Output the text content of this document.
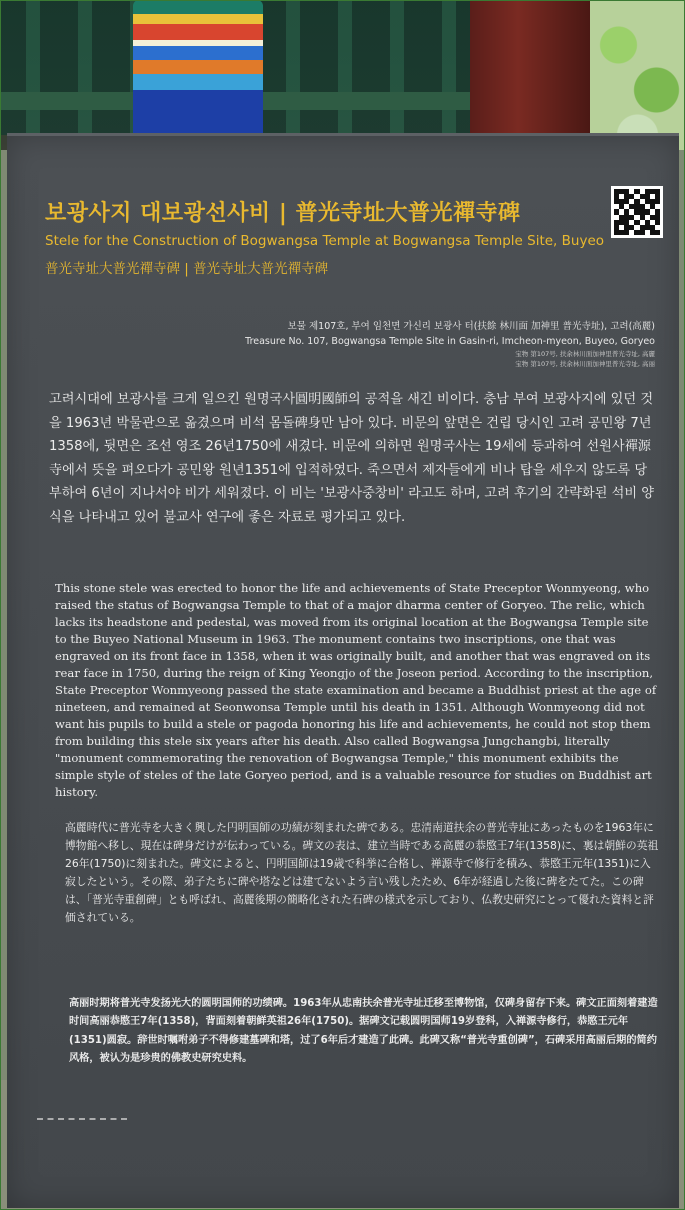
보광사지 대보광선사비 | 普光寺址大普光禪寺碑
Stele for the Construction of Bogwangsa Temple at Bogwangsa Temple Site, Buyeo
普光寺址大普光禪寺碑 | 普光寺址大普光禪寺碑
보물 제107호, 부여 임천면 가신리 보광사 터(扶餘 林川面 加神里 普光寺址), 고려(高麗)
Treasure No. 107, Bogwangsa Temple Site in Gasin-ri, Imcheon-myeon, Buyeo, Goryeo
宝物 第107号, 扶余林川面加神里普光寺址, 高麗
宝物 第107号, 扶余林川面加神里普光寺址, 高丽
고려시대에 보광사를 크게 일으킨 원명국사圓明國師의 공적을 새긴 비이다. 충남 부여 보광사지에 있던 것을 1963년 박물관으로 옮겼으며 비석 몸돌碑身만 남아 있다. 비문의 앞면은 건립 당시인 고려 공민왕 7년1358에, 뒷면은 조선 영조 26년1750에 새겼다. 비문에 의하면 원명국사는 19세에 등과하여 선원사禪源寺에서 뜻을 펴오다가 공민왕 원년1351에 입적하였다. 죽으면서 제자들에게 비나 탑을 세우지 않도록 당부하여 6년이 지나서야 비가 세워졌다. 이 비는 '보광사중창비' 라고도 하며, 고려 후기의 간략화된 석비 양식을 나타내고 있어 불교사 연구에 좋은 자료로 평가되고 있다.
This stone stele was erected to honor the life and achievements of State Preceptor Wonmyeong, who raised the status of Bogwangsa Temple to that of a major dharma center of Goryeo. The relic, which lacks its headstone and pedestal, was moved from its original location at the Bogwangsa Temple site to the Buyeo National Museum in 1963. The monument contains two inscriptions, one that was engraved on its front face in 1358, when it was originally built, and another that was engraved on its rear face in 1750, during the reign of King Yeongjo of the Joseon period. According to the inscription, State Preceptor Wonmyeong passed the state examination and became a Buddhist priest at the age of nineteen, and remained at Seonwonsa Temple until his death in 1351. Although Wonmyeong did not want his pupils to build a stele or pagoda honoring his life and achievements, he could not stop them from building this stele six years after his death. Also called Bogwangsa Jungchangbi, literally "monument commemorating the renovation of Bogwangsa Temple," this monument exhibits the simple style of steles of the late Goryeo period, and is a valuable resource for studies on Buddhist art history.
高麗時代に普光寺を大きく興した円明国師の功績が刻まれた碑である。忠清南道扶余の普光寺址にあったものを1963年に博物館へ移し、現在は碑身だけが伝わっている。碑文の表は、建立当時である高麗の恭愍王7年(1358)に、裏は朝鮮の英祖26年(1750)に刻まれた。碑文によると、円明国師は19歳で科挙に合格し、禅源寺で修行を積み、恭愍王元年(1351)に入寂したという。その際、弟子たちに碑や塔などは建てないよう言い残したため、6年が経過した後に碑をたてた。この碑は、「普光寺重創碑」とも呼ばれ、高麗後期の簡略化された石碑の様式を示しており、仏教史研究にとって優れた資料と評価されている。
高丽时期将普光寺发扬光大的圆明国师的功绩碑。1963年从忠南扶余普光寺址迁移至博物馆，仅碑身留存下来。碑文正面刻着建造时间高丽恭愍王7年(1358)，背面刻着朝鲜英祖26年(1750)。据碑文记载圆明国师19岁登科，入禅源寺修行，恭愍王元年(1351)圆寂。辞世时嘱咐弟子不得修建墓碑和塔，过了6年后才建造了此碑。此碑又称“普光寺重创碑”，石碑采用高丽后期的简约风格，被认为是珍贵的佛教史研究史料。
